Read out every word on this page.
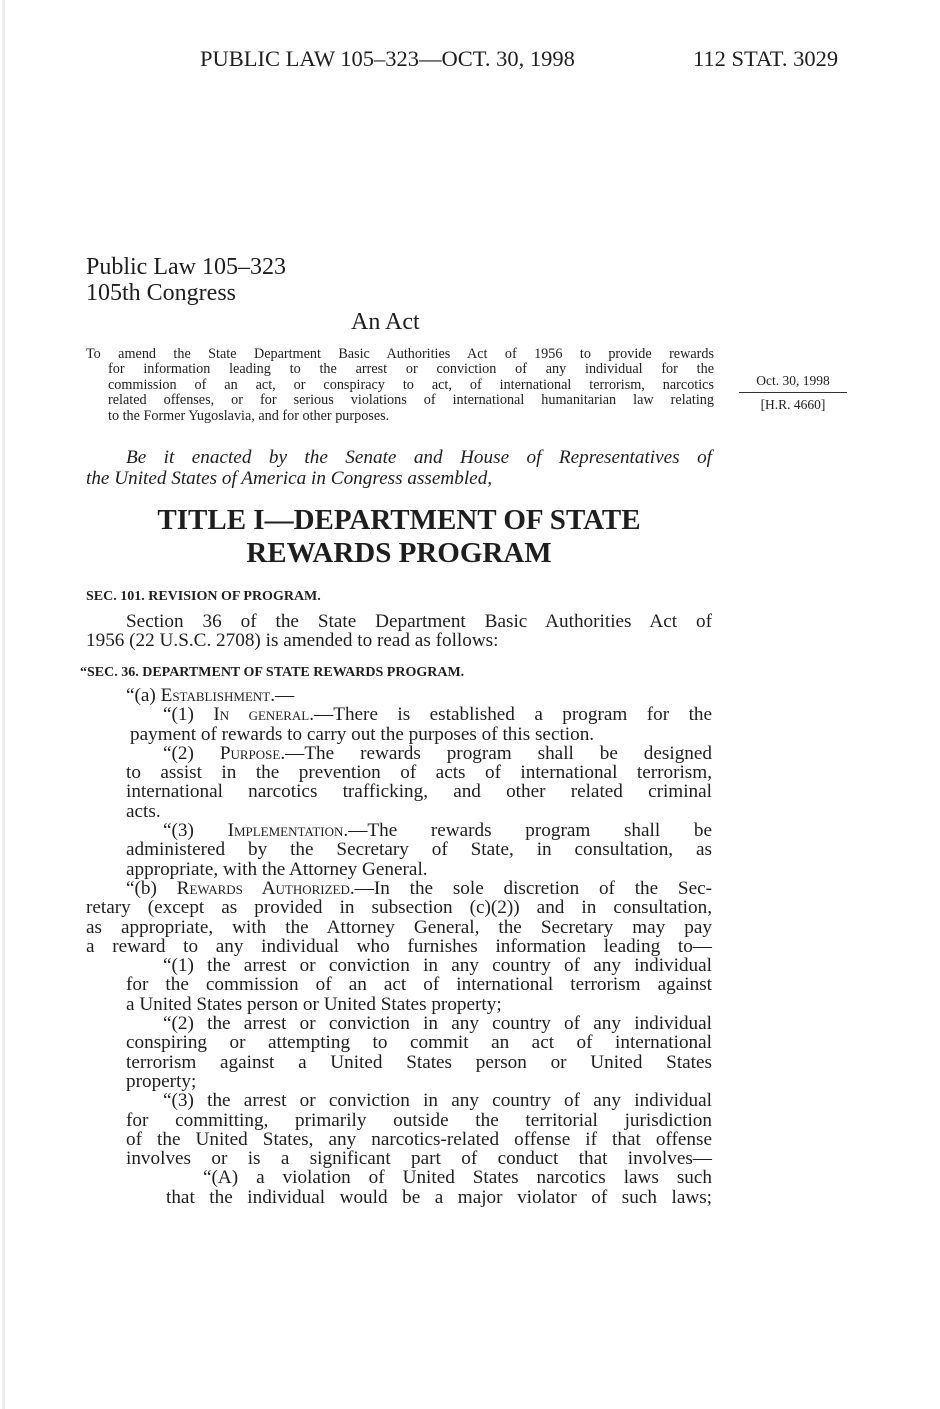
PUBLIC LAW 105–323—OCT. 30, 1998	112 STAT. 3029
Public Law 105–323
105th Congress
An Act
To amend the State Department Basic Authorities Act of 1956 to provide rewards
for information leading to the arrest or conviction of any individual for the
commission of an act, or conspiracy to act, of international terrorism, narcotics
related offenses, or for serious violations of international humanitarian law relating
to the Former Yugoslavia, and for other purposes.
Oct. 30, 1998
[H.R. 4660]
Be it enacted by the Senate and House of Representatives of
the United States of America in Congress assembled,
TITLE I—DEPARTMENT OF STATE
REWARDS PROGRAM
SEC. 101. REVISION OF PROGRAM.
Section 36 of the State Department Basic Authorities Act of
1956 (22 U.S.C. 2708) is amended to read as follows:
“SEC. 36. DEPARTMENT OF STATE REWARDS PROGRAM.
“(a) Establishment.—
“(1) In general.—There is established a program for the
payment of rewards to carry out the purposes of this section.
“(2) Purpose.—The rewards program shall be designed
to assist in the prevention of acts of international terrorism,
international narcotics trafficking, and other related criminal
acts.
“(3) Implementation.—The rewards program shall be
administered by the Secretary of State, in consultation, as
appropriate, with the Attorney General.
“(b) Rewards Authorized.—In the sole discretion of the Sec-
retary (except as provided in subsection (c)(2)) and in consultation,
as appropriate, with the Attorney General, the Secretary may pay
a reward to any individual who furnishes information leading to—
“(1) the arrest or conviction in any country of any individual
for the commission of an act of international terrorism against
a United States person or United States property;
“(2) the arrest or conviction in any country of any individual
conspiring or attempting to commit an act of international
terrorism against a United States person or United States
property;
“(3) the arrest or conviction in any country of any individual
for committing, primarily outside the territorial jurisdiction
of the United States, any narcotics-related offense if that offense
involves or is a significant part of conduct that involves—
“(A) a violation of United States narcotics laws such
that the individual would be a major violator of such laws;
